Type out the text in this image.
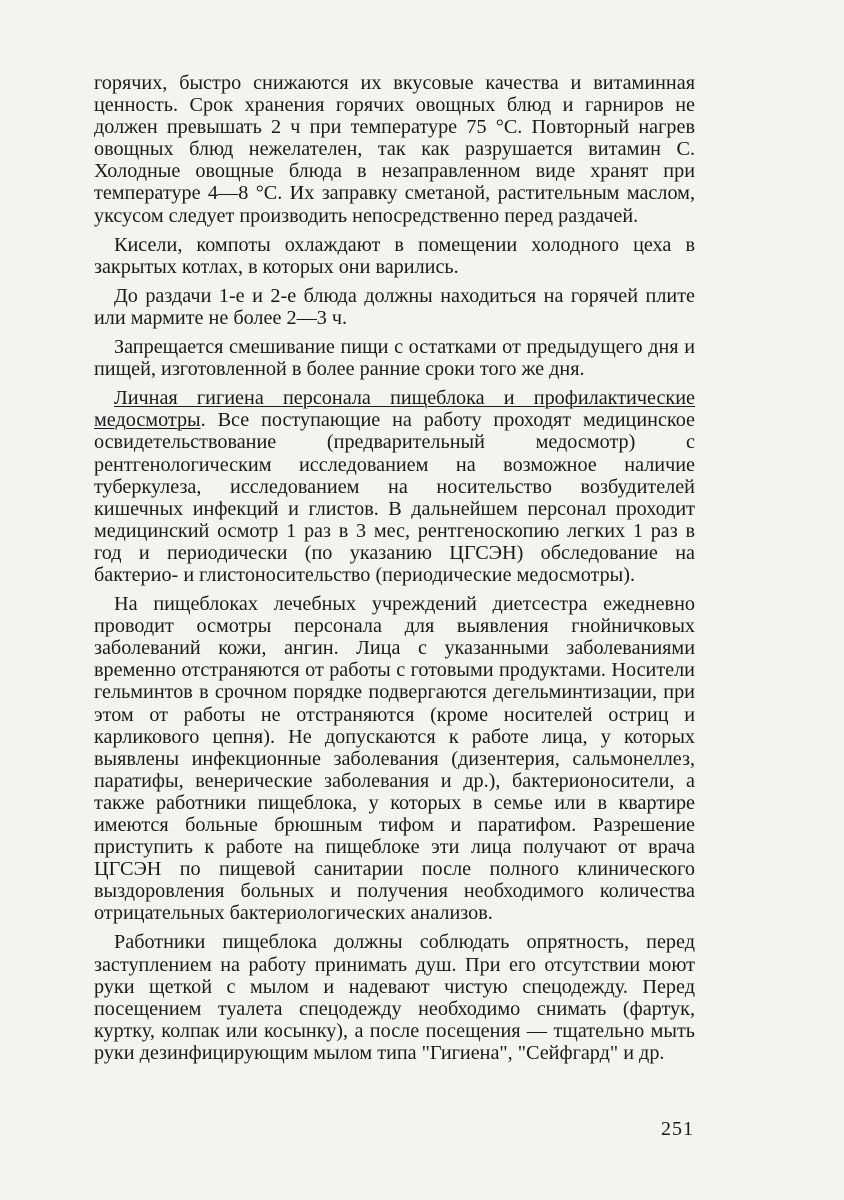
горячих, быстро снижаются их вкусовые качества и витаминная ценность. Срок хранения горячих овощных блюд и гарниров не должен превышать 2 ч при температуре 75 °С. Повторный нагрев овощных блюд нежелателен, так как разрушается витамин С. Холодные овощные блюда в незаправленном виде хранят при температуре 4—8 °С. Их заправку сметаной, растительным маслом, уксусом следует производить непосредственно перед раздачей.

Кисели, компоты охлаждают в помещении холодного цеха в закрытых котлах, в которых они варились.

До раздачи 1-е и 2-е блюда должны находиться на горячей плите или мармите не более 2—3 ч.

Запрещается смешивание пищи с остатками от предыдущего дня и пищей, изготовленной в более ранние сроки того же дня.

Личная гигиена персонала пищеблока и профилактические медосмотры. Все поступающие на работу проходят медицинское освидетельствование (предварительный медосмотр) с рентгенологическим исследованием на возможное наличие туберкулеза, исследованием на носительство возбудителей кишечных инфекций и глистов. В дальнейшем персонал проходит медицинский осмотр 1 раз в 3 мес, рентгеноскопию легких 1 раз в год и периодически (по указанию ЦГСЭН) обследование на бактерио- и глистоносительство (периодические медосмотры).

На пищеблоках лечебных учреждений диетсестра ежедневно проводит осмотры персонала для выявления гнойничковых заболеваний кожи, ангин. Лица с указанными заболеваниями временно отстраняются от работы с готовыми продуктами. Носители гельминтов в срочном порядке подвергаются дегельминтизации, при этом от работы не отстраняются (кроме носителей остриц и карликового цепня). Не допускаются к работе лица, у которых выявлены инфекционные заболевания (дизентерия, сальмонеллез, паратифы, венерические заболевания и др.), бактерионосители, а также работники пищеблока, у которых в семье или в квартире имеются больные брюшным тифом и паратифом. Разрешение приступить к работе на пищеблоке эти лица получают от врача ЦГСЭН по пищевой санитарии после полного клинического выздоровления больных и получения необходимого количества отрицательных бактериологических анализов.

Работники пищеблока должны соблюдать опрятность, перед заступлением на работу принимать душ. При его отсутствии моют руки щеткой с мылом и надевают чистую спецодежду. Перед посещением туалета спецодежду необходимо снимать (фартук, куртку, колпак или косынку), а после посещения — тщательно мыть руки дезинфицирующим мылом типа "Гигиена", "Сейфгард" и др.

251
